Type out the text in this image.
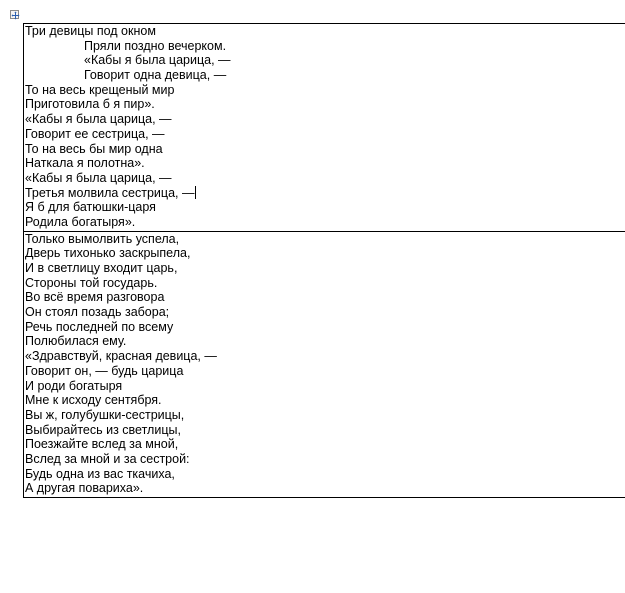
Три девицы под окном
Пряли поздно вечерком.
«Кабы я была царица, —
Говорит одна девица, —
То на весь крещеный мир
Приготовила б я пир».
«Кабы я была царица, —
Говорит ее сестрица, —
То на весь бы мир одна
Наткала я полотна».
«Кабы я была царица, —
Третья молвила сестрица, —
Я б для батюшки-царя
Родила богатыря».
Только вымолвить успела,
Дверь тихонько заскрыпела,
И в светлицу входит царь,
Стороны той государь.
Во всё время разговора
Он стоял позадь забора;
Речь последней по всему
Полюбилася ему.
«Здравствуй, красная девица, —
Говорит он, — будь царица
И роди богатыря
Мне к исходу сентября.
Вы ж, голубушки-сестрицы,
Выбирайтесь из светлицы,
Поезжайте вслед за мной,
Вслед за мной и за сестрой:
Будь одна из вас ткачиха,
А другая повариха».
